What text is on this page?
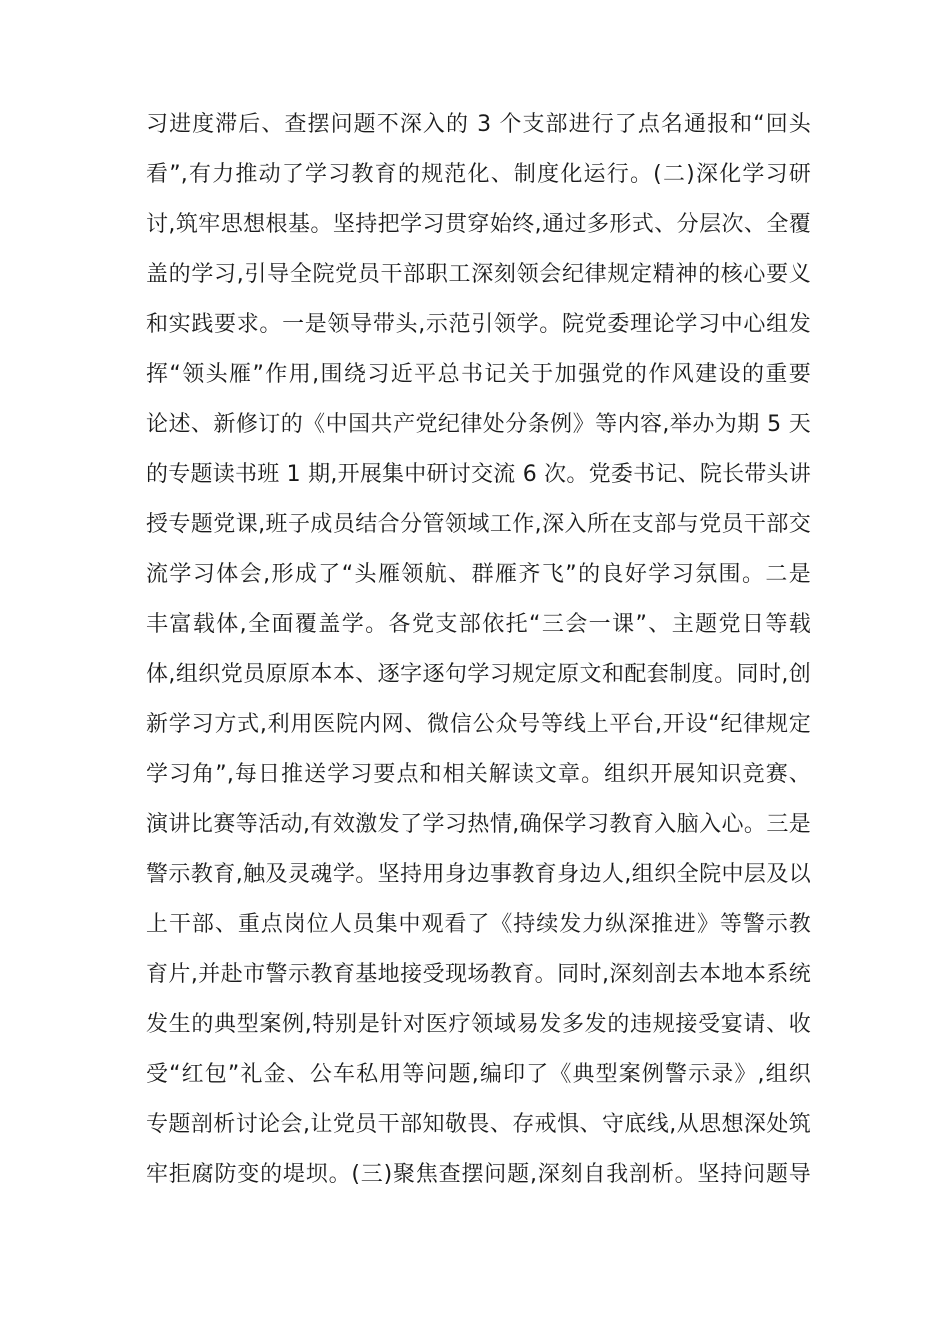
习进度滞后、查摆问题不深入的 3 个支部进行了点名通报和“回头
看”,有力推动了学习教育的规范化、制度化运行。(二)深化学习研
讨,筑牢思想根基。坚持把学习贯穿始终,通过多形式、分层次、全覆
盖的学习,引导全院党员干部职工深刻领会纪律规定精神的核心要义
和实践要求。一是领导带头,示范引领学。院党委理论学习中心组发
挥“领头雁”作用,围绕习近平总书记关于加强党的作风建设的重要
论述、新修订的《中国共产党纪律处分条例》等内容,举办为期 5 天
的专题读书班 1 期,开展集中研讨交流 6 次。党委书记、院长带头讲
授专题党课,班子成员结合分管领域工作,深入所在支部与党员干部交
流学习体会,形成了“头雁领航、群雁齐飞”的良好学习氛围。二是
丰富载体,全面覆盖学。各党支部依托“三会一课”、主题党日等载
体,组织党员原原本本、逐字逐句学习规定原文和配套制度。同时,创
新学习方式,利用医院内网、微信公众号等线上平台,开设“纪律规定
学习角”,每日推送学习要点和相关解读文章。组织开展知识竞赛、
演讲比赛等活动,有效激发了学习热情,确保学习教育入脑入心。三是
警示教育,触及灵魂学。坚持用身边事教育身边人,组织全院中层及以
上干部、重点岗位人员集中观看了《持续发力纵深推进》等警示教
育片,并赴市警示教育基地接受现场教育。同时,深刻剖去本地本系统
发生的典型案例,特别是针对医疗领域易发多发的违规接受宴请、收
受“红包”礼金、公车私用等问题,编印了《典型案例警示录》,组织
专题剖析讨论会,让党员干部知敬畏、存戒惧、守底线,从思想深处筑
牢拒腐防变的堤坝。(三)聚焦查摆问题,深刻自我剖析。坚持问题导
